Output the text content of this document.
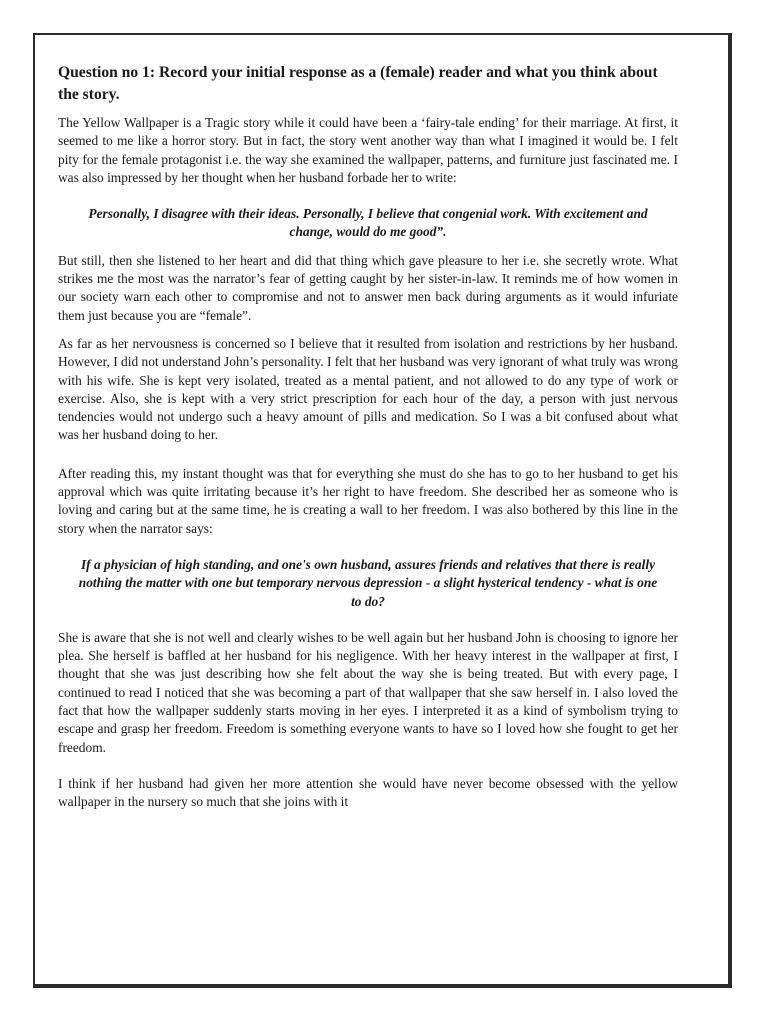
Question no 1: Record your initial response as a (female) reader and what you think about the story.

The Yellow Wallpaper is a Tragic story while it could have been a ‘fairy-tale ending’ for their marriage. At first, it seemed to me like a horror story. But in fact, the story went another way than what I imagined it would be. I felt pity for the female protagonist i.e. the way she examined the wallpaper, patterns, and furniture just fascinated me. I was also impressed by her thought when her husband forbade her to write:

Personally, I disagree with their ideas. Personally, I believe that congenial work. With excitement and change, would do me good”.

But still, then she listened to her heart and did that thing which gave pleasure to her i.e. she secretly wrote. What strikes me the most was the narrator’s fear of getting caught by her sister-in-law. It reminds me of how women in our society warn each other to compromise and not to answer men back during arguments as it would infuriate them just because you are “female”.

As far as her nervousness is concerned so I believe that it resulted from isolation and restrictions by her husband. However, I did not understand John’s personality. I felt that her husband was very ignorant of what truly was wrong with his wife. She is kept very isolated, treated as a mental patient, and not allowed to do any type of work or exercise. Also, she is kept with a very strict prescription for each hour of the day, a person with just nervous tendencies would not undergo such a heavy amount of pills and medication. So I was a bit confused about what was her husband doing to her.

After reading this, my instant thought was that for everything she must do she has to go to her husband to get his approval which was quite irritating because it’s her right to have freedom. She described her as someone who is loving and caring but at the same time, he is creating a wall to her freedom. I was also bothered by this line in the story when the narrator says:

If a physician of high standing, and one's own husband, assures friends and relatives that there is really nothing the matter with one but temporary nervous depression - a slight hysterical tendency - what is one to do?

She is aware that she is not well and clearly wishes to be well again but her husband John is choosing to ignore her plea. She herself is baffled at her husband for his negligence. With her heavy interest in the wallpaper at first, I thought that she was just describing how she felt about the way she is being treated. But with every page, I continued to read I noticed that she was becoming a part of that wallpaper that she saw herself in. I also loved the fact that how the wallpaper suddenly starts moving in her eyes. I interpreted it as a kind of symbolism trying to escape and grasp her freedom. Freedom is something everyone wants to have so I loved how she fought to get her freedom.

I think if her husband had given her more attention she would have never become obsessed with the yellow wallpaper in the nursery so much that she joins with it
